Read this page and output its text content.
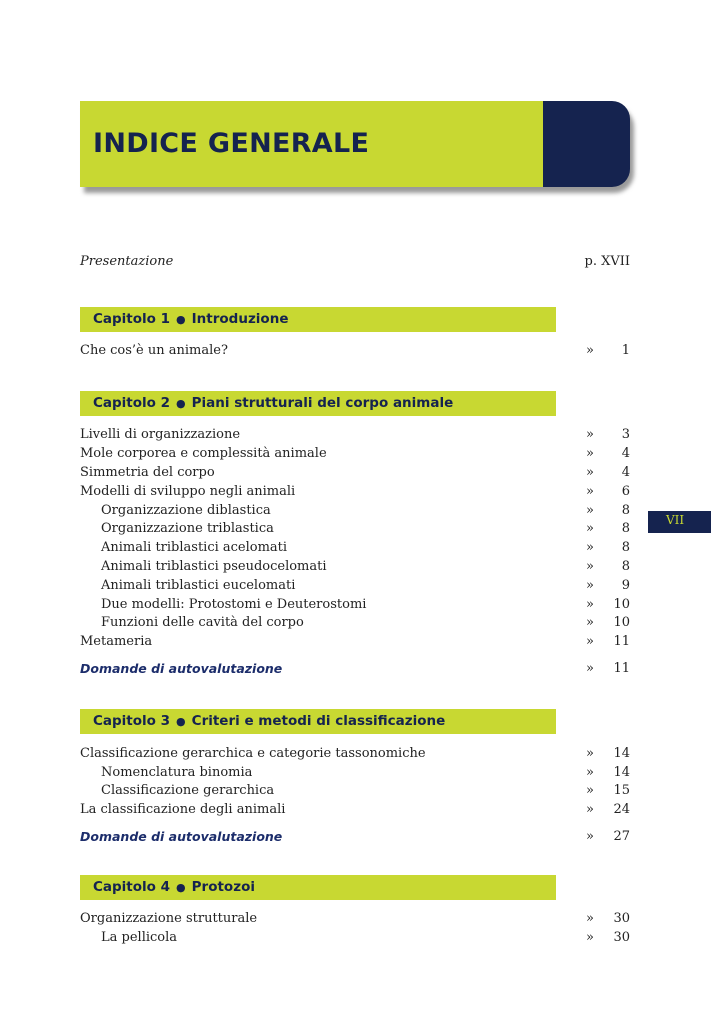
INDICE GENERALE
Presentazione	p. XVII
Capitolo 1 ● Introduzione
Che cos’è un animale?	» 1
Capitolo 2 ● Piani strutturali del corpo animale
Livelli di organizzazione	» 3
Mole corporea e complessità animale	» 4
Simmetria del corpo	» 4
Modelli di sviluppo negli animali	» 6
Organizzazione diblastica	» 8
Organizzazione triblastica	» 8
Animali triblastici acelomati	» 8
Animali triblastici pseudocelomati	» 8
Animali triblastici eucelomati	» 9
Due modelli: Protostomi e Deuterostomi	» 10
Funzioni delle cavità del corpo	» 10
Metameria	» 11
Domande di autovalutazione	» 11
Capitolo 3 ● Criteri e metodi di classificazione
Classificazione gerarchica e categorie tassonomiche	» 14
Nomenclatura binomia	» 14
Classificazione gerarchica	» 15
La classificazione degli animali	» 24
Domande di autovalutazione	» 27
Capitolo 4 ● Protozoi
Organizzazione strutturale	» 30
La pellicola	» 30
VII
